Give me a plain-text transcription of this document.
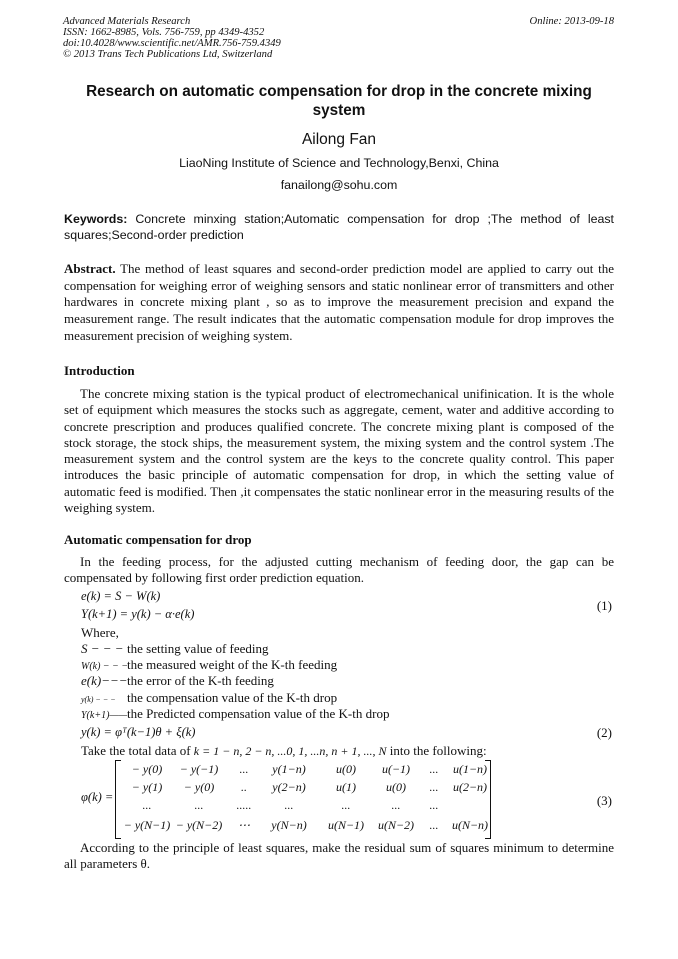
Advanced Materials Research
ISSN: 1662-8985, Vols. 756-759, pp 4349-4352
doi:10.4028/www.scientific.net/AMR.756-759.4349
© 2013 Trans Tech Publications Ltd, Switzerland
Online: 2013-09-18
Research on automatic compensation for drop in the concrete mixing system
Ailong Fan
LiaoNing Institute of Science and Technology,Benxi, China
fanailong@sohu.com
Keywords: Concrete minxing station;Automatic compensation for drop ;The method of least squares;Second-order prediction
Abstract. The method of least squares and second-order prediction model are applied to carry out the compensation for weighing error of weighing sensors and static nonlinear error of transmitters and other hardwares in concrete mixing plant , so as to improve the measurement precision and expand the measurement range. The result indicates that the automatic compensation module for drop improves the measurement precision of weighing system.
Introduction
The concrete mixing station is the typical product of electromechanical unifinication. It is the whole set of equipment which measures the stocks such as aggregate, cement, water and additive according to concrete prescription and produces qualified concrete. The concrete mixing plant is composed of the stock storage, the stock ships, the measurement system, the mixing system and the control system .The measurement system and the control system are the keys to the concrete quality control. This paper introduces the basic principle of automatic compensation for drop, in which the setting value of automatic feed is modified. Then ,it compensates the static nonlinear error in the measuring results of the weighing system.
Automatic compensation for drop
In the feeding process, for the adjusted cutting mechanism of feeding door, the gap can be compensated by following first order prediction equation.
e(k) = S − W(k)
Y(k+1) = y(k) − α·e(k)
(1)
Where,
S − − − the setting value of feeding
W(k) − − −the measured weight of the K-th feeding
e(k)−−−the error of the K-th feeding
y(k) − − − the compensation value of the K-th drop
Y(k+1)——the Predicted compensation value of the K-th drop
y(k) = φᵀ(k−1)θ + ξ(k)	(2)
Take the total data of k = 1 − n, 2 − n, ...0, 1, ...n, n + 1, ..., N into the following:
φ(k) =
− y(0)	− y(−1)	...	y(1−n)	u(0)	u(−1)	...	u(1−n)
− y(1)	− y(0)	..	y(2−n)	u(1)	u(0)	...	u(2−n)
...	...	.....	...	...	...	...
− y(N−1) − y(N−2)	⋯	y(N−n)	u(N−1)	u(N−2)	...	u(N−n)
(3)
According to the principle of least squares, make the residual sum of squares minimum to determine all parameters θ.
